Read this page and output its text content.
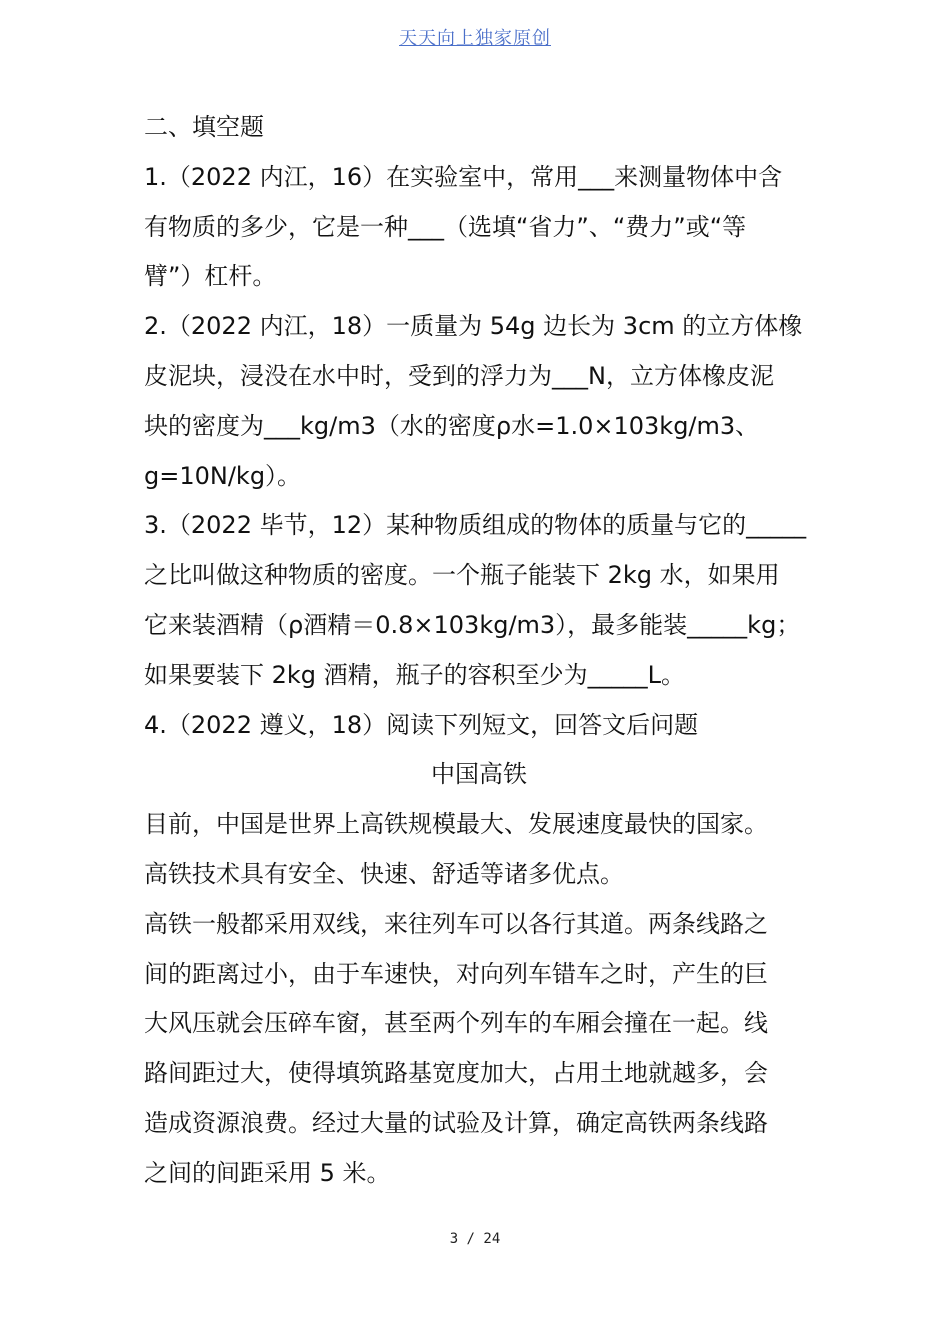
天天向上独家原创
二、填空题
1.（2022 内江，16）在实验室中，常用___来测量物体中含
有物质的多少，它是一种___（选填“省力”、“费力”或“等
臂”）杠杆。
2.（2022 内江，18）一质量为 54g 边长为 3cm 的立方体橡
皮泥块，浸没在水中时，受到的浮力为___N，立方体橡皮泥
块的密度为___kg/m3（水的密度ρ水=1.0×103kg/m3、
g=10N/kg）。
3.（2022 毕节，12）某种物质组成的物体的质量与它的_____
之比叫做这种物质的密度。一个瓶子能装下 2kg 水，如果用
它来装酒精（ρ酒精＝0.8×103kg/m3），最多能装_____kg；
如果要装下 2kg 酒精，瓶子的容积至少为_____L。
4.（2022 遵义，18）阅读下列短文，回答文后问题
中国高铁
目前，中国是世界上高铁规模最大、发展速度最快的国家。
高铁技术具有安全、快速、舒适等诸多优点。
高铁一般都采用双线，来往列车可以各行其道。两条线路之
间的距离过小，由于车速快，对向列车错车之时，产生的巨
大风压就会压碎车窗，甚至两个列车的车厢会撞在一起。线
路间距过大，使得填筑路基宽度加大，占用土地就越多，会
造成资源浪费。经过大量的试验及计算，确定高铁两条线路
之间的间距采用 5 米。
3 / 24
